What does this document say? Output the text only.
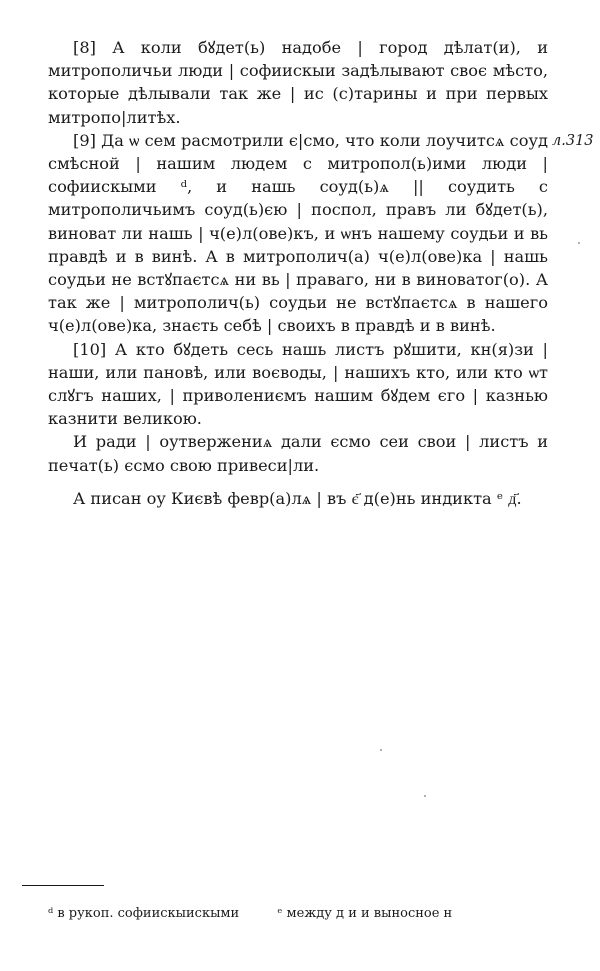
[8] А коли бꙋдет(ь) надобе | город дѣлат(и), и митрополичьи люди | софиискыи задѣлывают своє мѣсто, которые дѣлывали так же | ис (с)тарины и при первых митропо|литѣх.

[9] Да ѡ сем расмотрили є|смо, что коли лоучитсѧ соуд смѣсной | нашим людем с митропол(ь)ими люди | софиискыми ᵈ, и нашь соуд(ь)ѧ || соудить с митрополичьимъ соуд(ь)єю | поспол, правъ ли бꙋдет(ь), виноват ли нашь | ч(е)л(ове)къ, и ѡнъ нашему соудьи и вь правдѣ и в винѣ. А в митрополич(а) ч(е)л(ове)ка | нашь соудьи не встꙋпаєтсѧ ни вь | праваго, ни в виноватог(о). А так же | митрополич(ь) соудьи не встꙋпаєтсѧ в нашего ч(е)л(ове)ка, знаєть себѣ | своихъ в правдѣ и в винѣ.

[10] А кто бꙋдеть сесь нашь листъ рꙋшити, кн(я)зи | наши, или пановѣ, или воєводы, | нашихъ кто, или кто ѡт слꙋгъ наших, | приволениємъ нашим бꙋдем єго | казнью казнити великою.

И ради | оутвержениѧ дали єсмо сеи свои | листъ и печат(ь) єсмо свою привеси|ли.

А писан оу Києвѣ февр(а)лѧ | въ є҃ д(е)нь индикта ᵉ д҃.

л.313
ᵈ в рукоп. софиискыискыми	ᵉ между д и и выносное н
